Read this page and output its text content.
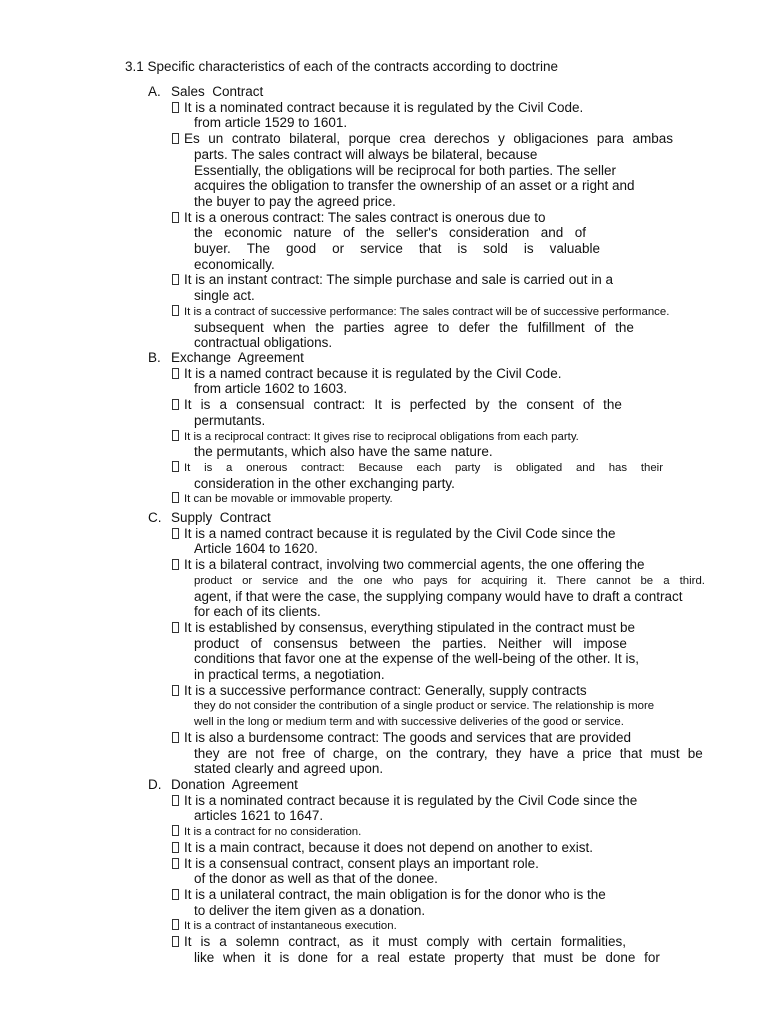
3.1 Specific characteristics of each of the contracts according to doctrine
A. Sales  Contract
It is a nominated contract because it is regulated by the Civil Code.
from article 1529 to 1601.
Es un contrato bilateral, porque crea derechos y obligaciones para ambas
parts. The sales contract will always be bilateral, because
Essentially, the obligations will be reciprocal for both parties. The seller
acquires the obligation to transfer the ownership of an asset or a right and
the buyer to pay the agreed price.
It is a onerous contract: The sales contract is onerous due to
the economic nature of the seller's consideration and of
buyer. The good or service that is sold is valuable
economically.
It is an instant contract: The simple purchase and sale is carried out in a
single act.
It is a contract of successive performance: The sales contract will be of successive performance.
subsequent when the parties agree to defer the fulfillment of the
contractual obligations.
B. Exchange  Agreement
It is a named contract because it is regulated by the Civil Code.
from article 1602 to 1603.
It is a consensual contract: It is perfected by the consent of the
permutants.
It is a reciprocal contract: It gives rise to reciprocal obligations from each party.
the permutants, which also have the same nature.
It is a onerous contract: Because each party is obligated and has their
consideration in the other exchanging party.
It can be movable or immovable property.
C. Supply  Contract
It is a named contract because it is regulated by the Civil Code since the
Article 1604 to 1620.
It is a bilateral contract, involving two commercial agents, the one offering the
product or service and the one who pays for acquiring it. There cannot be a third.
agent, if that were the case, the supplying company would have to draft a contract
for each of its clients.
It is established by consensus, everything stipulated in the contract must be
product of consensus between the parties. Neither will impose
conditions that favor one at the expense of the well-being of the other. It is,
in practical terms, a negotiation.
It is a successive performance contract: Generally, supply contracts
they do not consider the contribution of a single product or service. The relationship is more
well in the long or medium term and with successive deliveries of the good or service.
It is also a burdensome contract: The goods and services that are provided
they are not free of charge, on the contrary, they have a price that must be
stated clearly and agreed upon.
D. Donation  Agreement
It is a nominated contract because it is regulated by the Civil Code since the
articles 1621 to 1647.
It is a contract for no consideration.
It is a main contract, because it does not depend on another to exist.
It is a consensual contract, consent plays an important role.
of the donor as well as that of the donee.
It is a unilateral contract, the main obligation is for the donor who is the
to deliver the item given as a donation.
It is a contract of instantaneous execution.
It is a solemn contract, as it must comply with certain formalities,
like when it is done for a real estate property that must be done for
